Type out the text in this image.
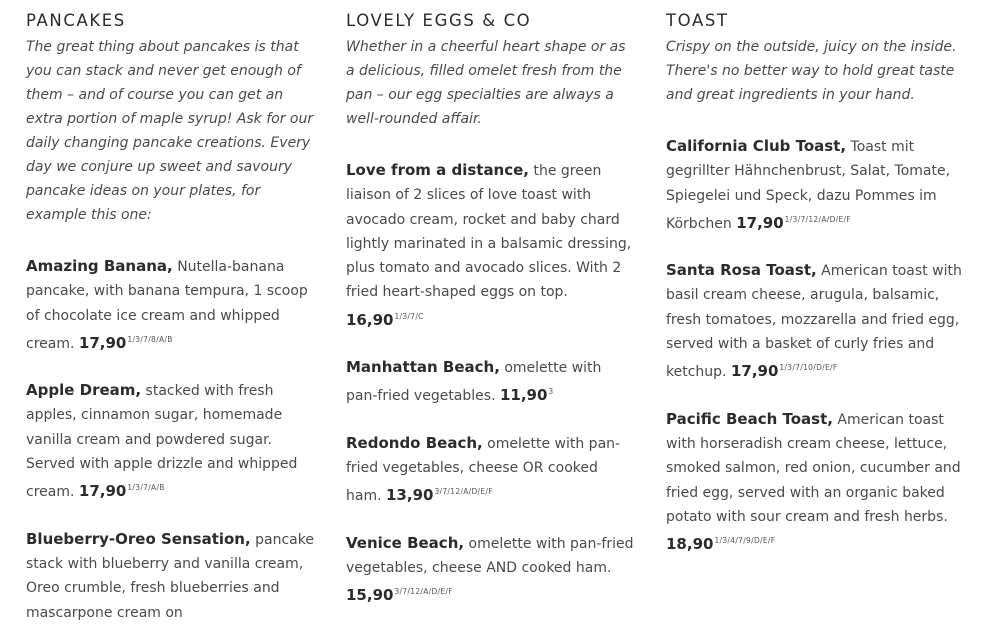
PANCAKES

The great thing about pancakes is that you can stack and never get enough of them – and of course you can get an extra portion of maple syrup! Ask for our daily changing pancake creations. Every day we conjure up sweet and savoury pancake ideas on your plates, for example this one:

Amazing Banana, Nutella-banana pancake, with banana tempura, 1 scoop of chocolate ice cream and whipped cream. $17,90^{1/3/7/8/A/B}$

Apple Dream, stacked with fresh apples, cinnamon sugar, homemade vanilla cream and powdered sugar. Served with apple drizzle and whipped cream. $17,90^{1/3/7/A/B}$

Blueberry-Oreo Sensation, pancake stack with blueberry and vanilla cream, Oreo crumble, fresh blueberries and mascarpone cream on

LOVELY EGGS & CO

Whether in a cheerful heart shape or as a delicious, filled omelet fresh from the pan – our egg specialties are always a well-rounded affair.

Love from a distance, the green liaison of 2 slices of love toast with avocado cream, rocket and baby chard lightly marinated in a balsamic dressing, plus tomato and avocado slices. With 2 fried heart-shaped eggs on top. $16,90^{1/3/7/C}$

Manhattan Beach, omelette with pan-fried vegetables. 11,90$^3$

Redondo Beach, omelette with pan-fried vegetables, cheese OR cooked ham. $13,90^{3/7/12/A/D/E/F}$

Venice Beach, omelette with pan-fried vegetables, cheese AND cooked ham. $15,90^{3/7/12/A/D/E/F}$

TOAST

Crispy on the outside, juicy on the inside. There's no better way to hold great taste and great ingredients in your hand.

California Club Toast, Toast mit gegrillter Hähnchenbrust, Salat, Tomate, Spiegelei und Speck, dazu Pommes im Körbchen $17,90^{1/3/7/12/A/D/E/F}$

Santa Rosa Toast, American toast with basil cream cheese, arugula, balsamic, fresh tomatoes, mozzarella and fried egg, served with a basket of curly fries and ketchup. $17,90^{1/3/7/10/D/E/F}$

Pacific Beach Toast, American toast with horseradish cream cheese, lettuce, smoked salmon, red onion, cucumber and fried egg, served with an organic baked potato with sour cream and fresh herbs. $18,90^{1/3/4/7/9/D/E/F}$
